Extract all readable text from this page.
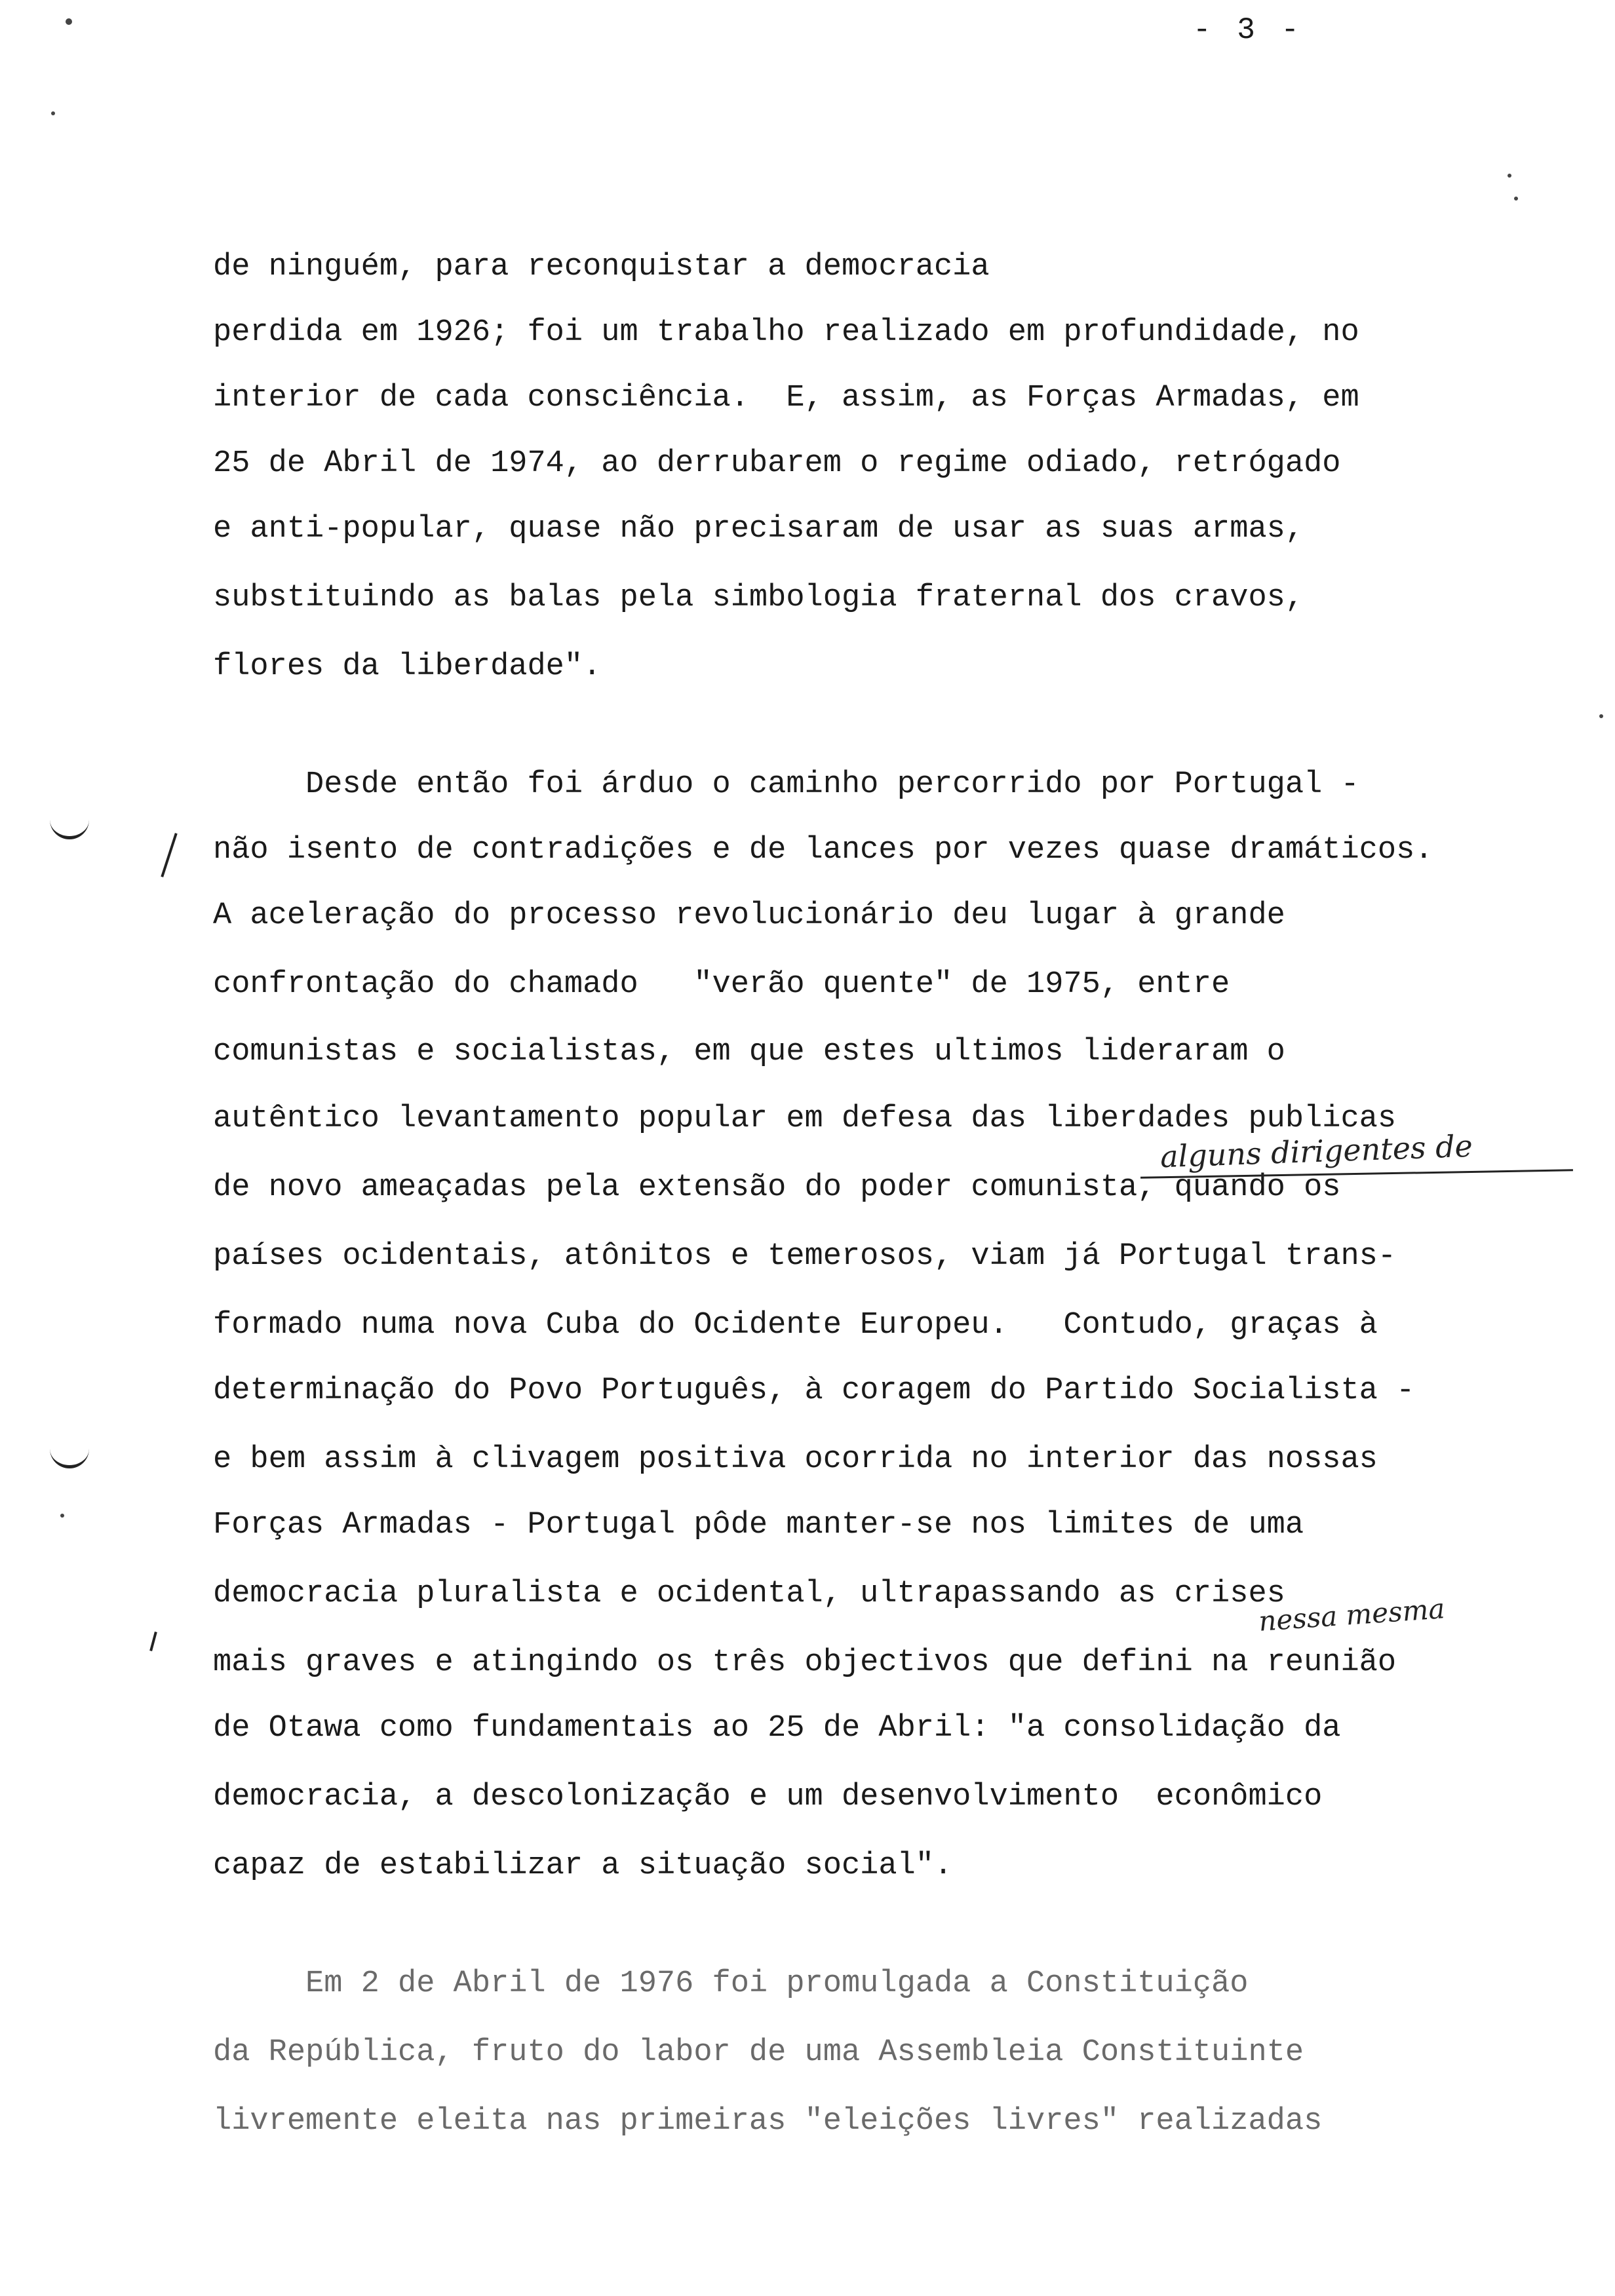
- 3 -
de ninguém, para reconquistar a democracia
perdida em 1926; foi um trabalho realizado em profundidade, no
interior de cada consciência.  E, assim, as Forças Armadas, em
25 de Abril de 1974, ao derrubarem o regime odiado, retrógado
e anti-popular, quase não precisaram de usar as suas armas,
substituindo as balas pela simbologia fraternal dos cravos,
flores da liberdade".
Desde então foi árduo o caminho percorrido por Portugal -
não isento de contradições e de lances por vezes quase dramáticos.
A aceleração do processo revolucionário deu lugar à grande
confrontação do chamado   "verão quente" de 1975, entre
comunistas e socialistas, em que estes ultimos lideraram o
autêntico levantamento popular em defesa das liberdades publicas
de novo ameaçadas pela extensão do poder comunista, quando os
países ocidentais, atônitos e temerosos, viam já Portugal trans-
formado numa nova Cuba do Ocidente Europeu.   Contudo, graças à
determinação do Povo Português, à coragem do Partido Socialista -
e bem assim à clivagem positiva ocorrida no interior das nossas
Forças Armadas - Portugal pôde manter-se nos limites de uma
democracia pluralista e ocidental, ultrapassando as crises
mais graves e atingindo os três objectivos que defini na reunião
de Otawa como fundamentais ao 25 de Abril: "a consolidação da
democracia, a descolonização e um desenvolvimento  econômico
capaz de estabilizar a situação social".
Em 2 de Abril de 1976 foi promulgada a Constituição
da República, fruto do labor de uma Assembleia Constituinte
livremente eleita nas primeiras "eleições livres" realizadas
alguns dirigentes de
nessa mesma
